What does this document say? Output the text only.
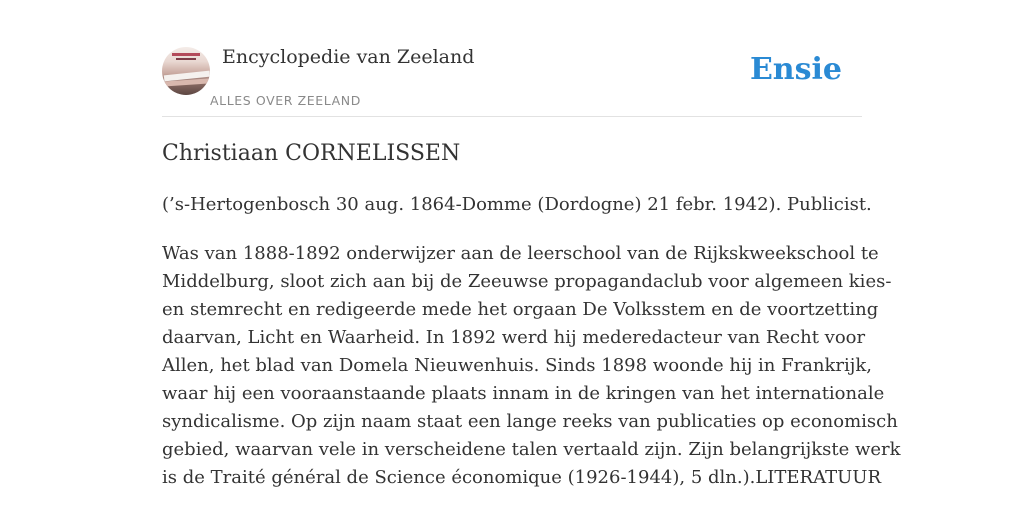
Encyclopedie van Zeeland
ALLES OVER ZEELAND
Ensie
Christiaan CORNELISSEN

(’s-Hertogenbosch 30 aug. 1864-Domme (Dordogne) 21 febr. 1942). Publicist.

Was van 1888-1892 onderwijzer aan de leerschool van de Rijkskweekschool te
Middelburg, sloot zich aan bij de Zeeuwse propagandaclub voor algemeen kies-
en stemrecht en redigeerde mede het orgaan De Volksstem en de voortzetting
daarvan, Licht en Waarheid. In 1892 werd hij mederedacteur van Recht voor
Allen, het blad van Domela Nieuwenhuis. Sinds 1898 woonde hij in Frankrijk,
waar hij een vooraanstaande plaats innam in de kringen van het internationale
syndicalisme. Op zijn naam staat een lange reeks van publicaties op economisch
gebied, waarvan vele in verscheidene talen vertaald zijn. Zijn belangrijkste werk
is de Traité général de Science économique (1926-1944), 5 dln.).LITERATUUR
